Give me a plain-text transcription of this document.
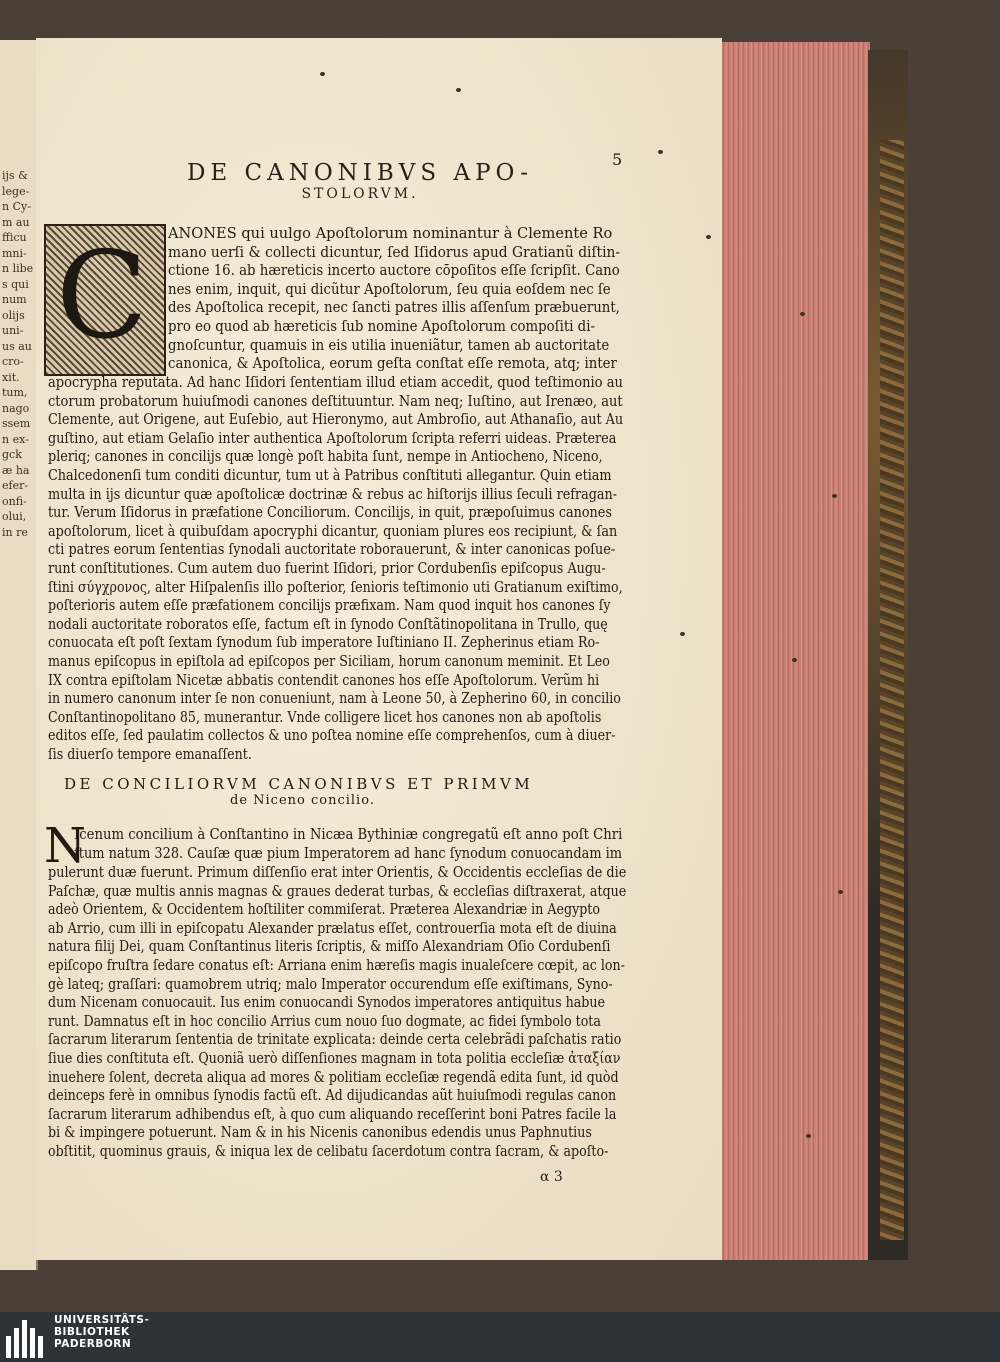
ijs &
lege-
n Cy-
m au
fficu
mni-
n libe
s qui
num
olijs
uni-
us au
cro-
xit.
tum,
nago
ssem
n ex-
gck
æ ha
efer-
onfi-
olui,
in re
5
DE CANONIBVS APO-
STOLORVM.
C ANONES qui uulgo Apoſtolorum nominantur à Clemente Ro
mano uerſi & collecti dicuntur, ſed Iſidorus apud Gratianũ diſtin-
ctione 16. ab hæreticis incerto auctore cōpoſitos eſſe ſcripſit. Cano
nes enim, inquit, qui dicũtur Apoſtolorum, ſeu quia eoſdem nec ſe
des Apoſtolica recepit, nec ſancti patres illis aſſenſum præbuerunt,
pro eo quod ab hæreticis ſub nomine Apoſtolorum compoſiti di-
gnoſcuntur, quamuis in eis utilia inueniãtur, tamen ab auctoritate
canonica, & Apoſtolica, eorum geſta conſtat eſſe remota, atq; inter
apocrypha reputata. Ad hanc Iſidori ſententiam illud etiam accedit, quod teſtimonio au
ctorum probatorum huiuſmodi canones deſtituuntur. Nam neq; Iuſtino, aut Irenæo, aut
Clemente, aut Origene, aut Euſebio, aut Hieronymo, aut Ambroſio, aut Athanaſio, aut Au
guſtino, aut etiam Gelaſio inter authentica Apoſtolorum ſcripta referri uideas. Præterea
pleriq; canones in concilijs quæ longè poſt habita ſunt, nempe in Antiocheno, Niceno,
Chalcedonenſi tum conditi dicuntur, tum ut à Patribus conſtituti allegantur. Quin etiam
multa in ijs dicuntur quæ apoſtolicæ doctrinæ & rebus ac hiſtorijs illius ſeculi refragan-
tur. Verum Iſidorus in præfatione Conciliorum. Concilijs, in quit, præpoſuimus canones
apoſtolorum, licet à quibuſdam apocryphi dicantur, quoniam plures eos recipiunt, & ſan
cti patres eorum ſententias ſynodali auctoritate roborauerunt, & inter canonicas poſue-
runt conſtitutiones. Cum autem duo fuerint Iſidori, prior Cordubenſis epiſcopus Augu-
ſtini σύγχρονος, alter Hiſpalenſis illo poſterior, ſenioris teſtimonio uti Gratianum exiſtimo,
poſterioris autem eſſe præfationem concilijs præfixam. Nam quod inquit hos canones ſy
nodali auctoritate roboratos eſſe, factum eſt in ſynodo Conſtãtinopolitana in Trullo, quę
conuocata eſt poſt ſextam ſynodum ſub imperatore Iuſtiniano II. Zepherinus etiam Ro-
manus epiſcopus in epiſtola ad epiſcopos per Siciliam, horum canonum meminit. Et Leo
IX contra epiſtolam Nicetæ abbatis contendit canones hos eſſe Apoſtolorum. Verũm hi
in numero canonum inter ſe non conueniunt, nam à Leone 50, à Zepherino 60, in concilio
Conſtantinopolitano 85, munerantur. Vnde colligere licet hos canones non ab apoſtolis
editos eſſe, ſed paulatim collectos & uno poſtea nomine eſſe comprehenſos, cum à diuer-
ſis diuerſo tempore emanaſſent.
DE CONCILIORVM CANONIBVS ET PRIMVM
de Niceno concilio.
N
Icenum concilium à Conſtantino in Nicæa Bythiniæ congregatũ eſt anno poſt Chri
ſtum natum 328. Cauſæ quæ pium Imperatorem ad hanc ſynodum conuocandam im
pulerunt duæ fuerunt. Primum diſſenſio erat inter Orientis, & Occidentis eccleſias de die
Paſchæ, quæ multis annis magnas & graues dederat turbas, & eccleſias diſtraxerat, atque
adeò Orientem, & Occidentem hoſtiliter commiſerat. Præterea Alexandriæ in Aegypto
ab Arrio, cum illi in epiſcopatu Alexander prælatus eſſet, controuerſia mota eſt de diuina
natura filij Dei, quam Conſtantinus literis ſcriptis, & miſſo Alexandriam Oſio Cordubenſi
epiſcopo fruſtra ſedare conatus eſt: Arriana enim hæreſis magis inualeſcere cœpit, ac lon-
gè lateq; graſſari: quamobrem utriq; malo Imperator occurendum eſſe exiſtimans, Syno-
dum Nicenam conuocauit. Ius enim conuocandi Synodos imperatores antiquitus habue
runt. Damnatus eſt in hoc concilio Arrius cum nouo ſuo dogmate, ac fidei ſymbolo tota
ſacrarum literarum ſententia de trinitate explicata: deinde certa celebrãdi paſchatis ratio
ſiue dies conſtituta eſt. Quoniã uerò diſſenſiones magnam in tota politia eccleſiæ ἀταξίαν
inuehere ſolent, decreta aliqua ad mores & politiam eccleſiæ regendã edita ſunt, id quòd
deinceps ferè in omnibus ſynodis factũ eſt. Ad dijudicandas aũt huiuſmodi regulas canon
ſacrarum literarum adhibendus eſt, à quo cum aliquando receſſerint boni Patres facile la
bi & impingere potuerunt. Nam & in his Nicenis canonibus edendis unus Paphnutius
obſtitit, quominus grauis, & iniqua lex de celibatu ſacerdotum contra ſacram, & apoſto-
α 3
UNIVERSITÄTS-
BIBLIOTHEK
PADERBORN
